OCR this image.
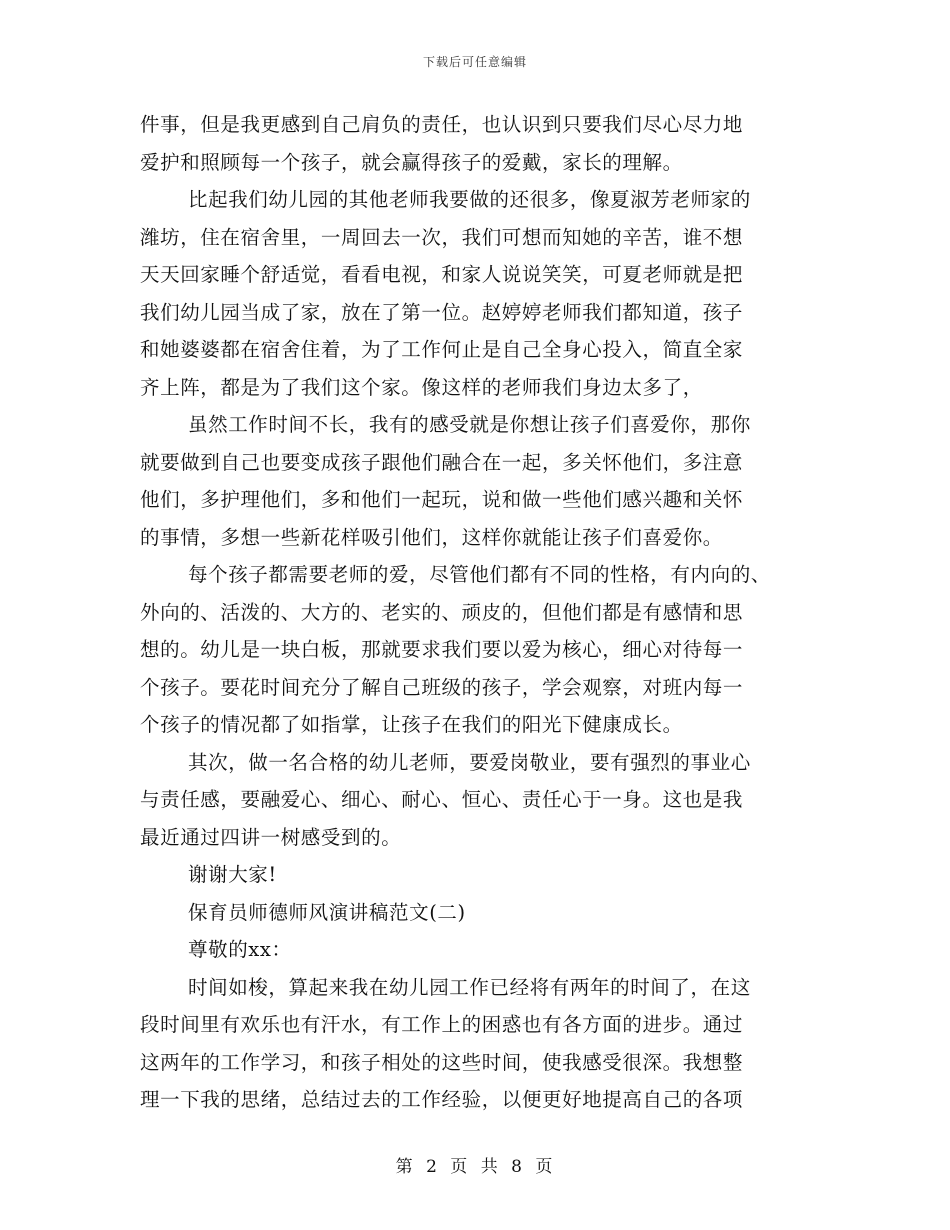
下载后可任意编辑
件事，但是我更感到自己肩负的责任，也认识到只要我们尽心尽力地
爱护和照顾每一个孩子，就会赢得孩子的爱戴，家长的理解。
比起我们幼儿园的其他老师我要做的还很多，像夏淑芳老师家的
潍坊，住在宿舍里，一周回去一次，我们可想而知她的辛苦，谁不想
天天回家睡个舒适觉，看看电视，和家人说说笑笑，可夏老师就是把
我们幼儿园当成了家，放在了第一位。赵婷婷老师我们都知道，孩子
和她婆婆都在宿舍住着，为了工作何止是自己全身心投入，简直全家
齐上阵，都是为了我们这个家。像这样的老师我们身边太多了，
虽然工作时间不长，我有的感受就是你想让孩子们喜爱你，那你
就要做到自己也要变成孩子跟他们融合在一起，多关怀他们，多注意
他们，多护理他们，多和他们一起玩，说和做一些他们感兴趣和关怀
的事情，多想一些新花样吸引他们，这样你就能让孩子们喜爱你。
每个孩子都需要老师的爱，尽管他们都有不同的性格，有内向的、
外向的、活泼的、大方的、老实的、顽皮的，但他们都是有感情和思
想的。幼儿是一块白板，那就要求我们要以爱为核心，细心对待每一
个孩子。要花时间充分了解自己班级的孩子，学会观察，对班内每一
个孩子的情况都了如指掌，让孩子在我们的阳光下健康成长。
其次，做一名合格的幼儿老师，要爱岗敬业，要有强烈的事业心
与责任感，要融爱心、细心、耐心、恒心、责任心于一身。这也是我
最近通过四讲一树感受到的。
谢谢大家!
保育员师德师风演讲稿范文(二)
尊敬的xx：
时间如梭，算起来我在幼儿园工作已经将有两年的时间了，在这
段时间里有欢乐也有汗水，有工作上的困惑也有各方面的进步。通过
这两年的工作学习，和孩子相处的这些时间，使我感受很深。我想整
理一下我的思绪，总结过去的工作经验，以便更好地提高自己的各项
第 2 页 共 8 页
